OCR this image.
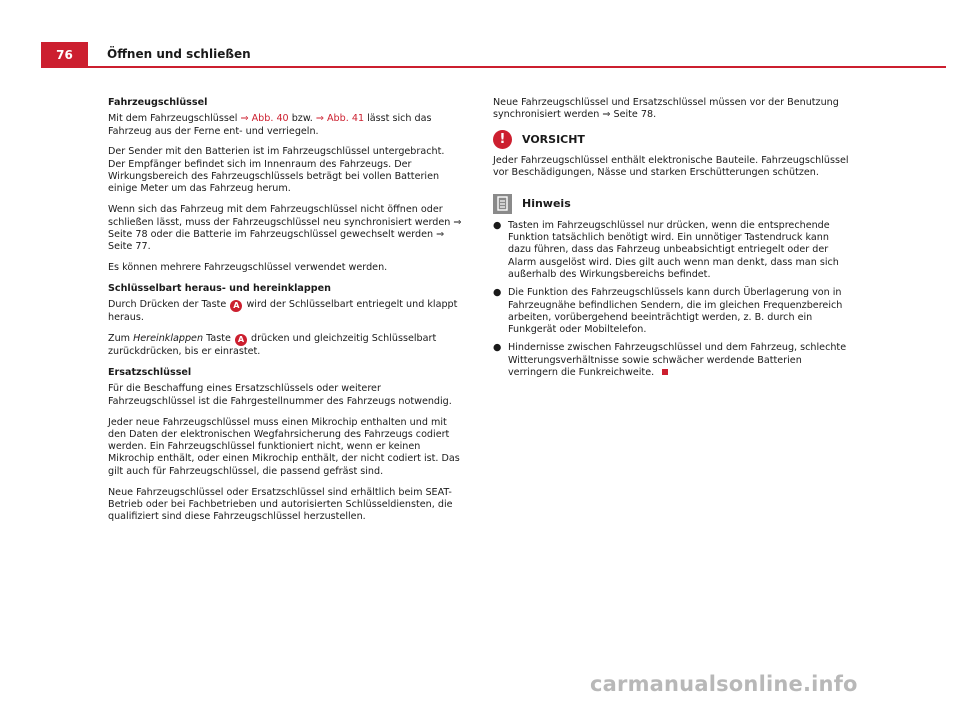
76	Öffnen und schließen

Fahrzeugschlüssel

Mit dem Fahrzeugschlüssel ⇒ Abb. 40 bzw. ⇒ Abb. 41 lässt sich das Fahrzeug aus der Ferne ent- und verriegeln.

Der Sender mit den Batterien ist im Fahrzeugschlüssel untergebracht. Der Empfänger befindet sich im Innenraum des Fahrzeugs. Der Wirkungsbereich des Fahrzeugschlüssels beträgt bei vollen Batterien einige Meter um das Fahrzeug herum.

Wenn sich das Fahrzeug mit dem Fahrzeugschlüssel nicht öffnen oder schließen lässt, muss der Fahrzeugschlüssel neu synchronisiert werden ⇒ Seite 78 oder die Batterie im Fahrzeugschlüssel gewechselt werden ⇒ Seite 77.

Es können mehrere Fahrzeugschlüssel verwendet werden.

Schlüsselbart heraus- und hereinklappen

Durch Drücken der Taste A wird der Schlüsselbart entriegelt und klappt heraus.

Zum Hereinklappen Taste A drücken und gleichzeitig Schlüsselbart zurückdrücken, bis er einrastet.

Ersatzschlüssel

Für die Beschaffung eines Ersatzschlüssels oder weiterer Fahrzeugschlüssel ist die Fahrgestellnummer des Fahrzeugs notwendig.

Jeder neue Fahrzeugschlüssel muss einen Mikrochip enthalten und mit den Daten der elektronischen Wegfahrsicherung des Fahrzeugs codiert werden. Ein Fahrzeugschlüssel funktioniert nicht, wenn er keinen Mikrochip enthält, oder einen Mikrochip enthält, der nicht codiert ist. Das gilt auch für Fahrzeugschlüssel, die passend gefräst sind.

Neue Fahrzeugschlüssel oder Ersatzschlüssel sind erhältlich beim SEAT-Betrieb oder bei Fachbetrieben und autorisierten Schlüsseldiensten, die qualifiziert sind diese Fahrzeugschlüssel herzustellen.

Neue Fahrzeugschlüssel und Ersatzschlüssel müssen vor der Benutzung synchronisiert werden ⇒ Seite 78.

!	VORSICHT

Jeder Fahrzeugschlüssel enthält elektronische Bauteile. Fahrzeugschlüssel vor Beschädigungen, Nässe und starken Erschütterungen schützen.

Hinweis
● Tasten im Fahrzeugschlüssel nur drücken, wenn die entsprechende Funktion tatsächlich benötigt wird. Ein unnötiger Tastendruck kann dazu führen, dass das Fahrzeug unbeabsichtigt entriegelt oder der Alarm ausgelöst wird. Dies gilt auch wenn man denkt, dass man sich außerhalb des Wirkungsbereichs befindet.
● Die Funktion des Fahrzeugschlüssels kann durch Überlagerung von in Fahrzeugnähe befindlichen Sendern, die im gleichen Frequenzbereich arbeiten, vorübergehend beeinträchtigt werden, z. B. durch ein Funkgerät oder Mobiltelefon.
● Hindernisse zwischen Fahrzeugschlüssel und dem Fahrzeug, schlechte Witterungsverhältnisse sowie schwächer werdende Batterien verringern die Funkreichweite.
carmanualsonline.info
